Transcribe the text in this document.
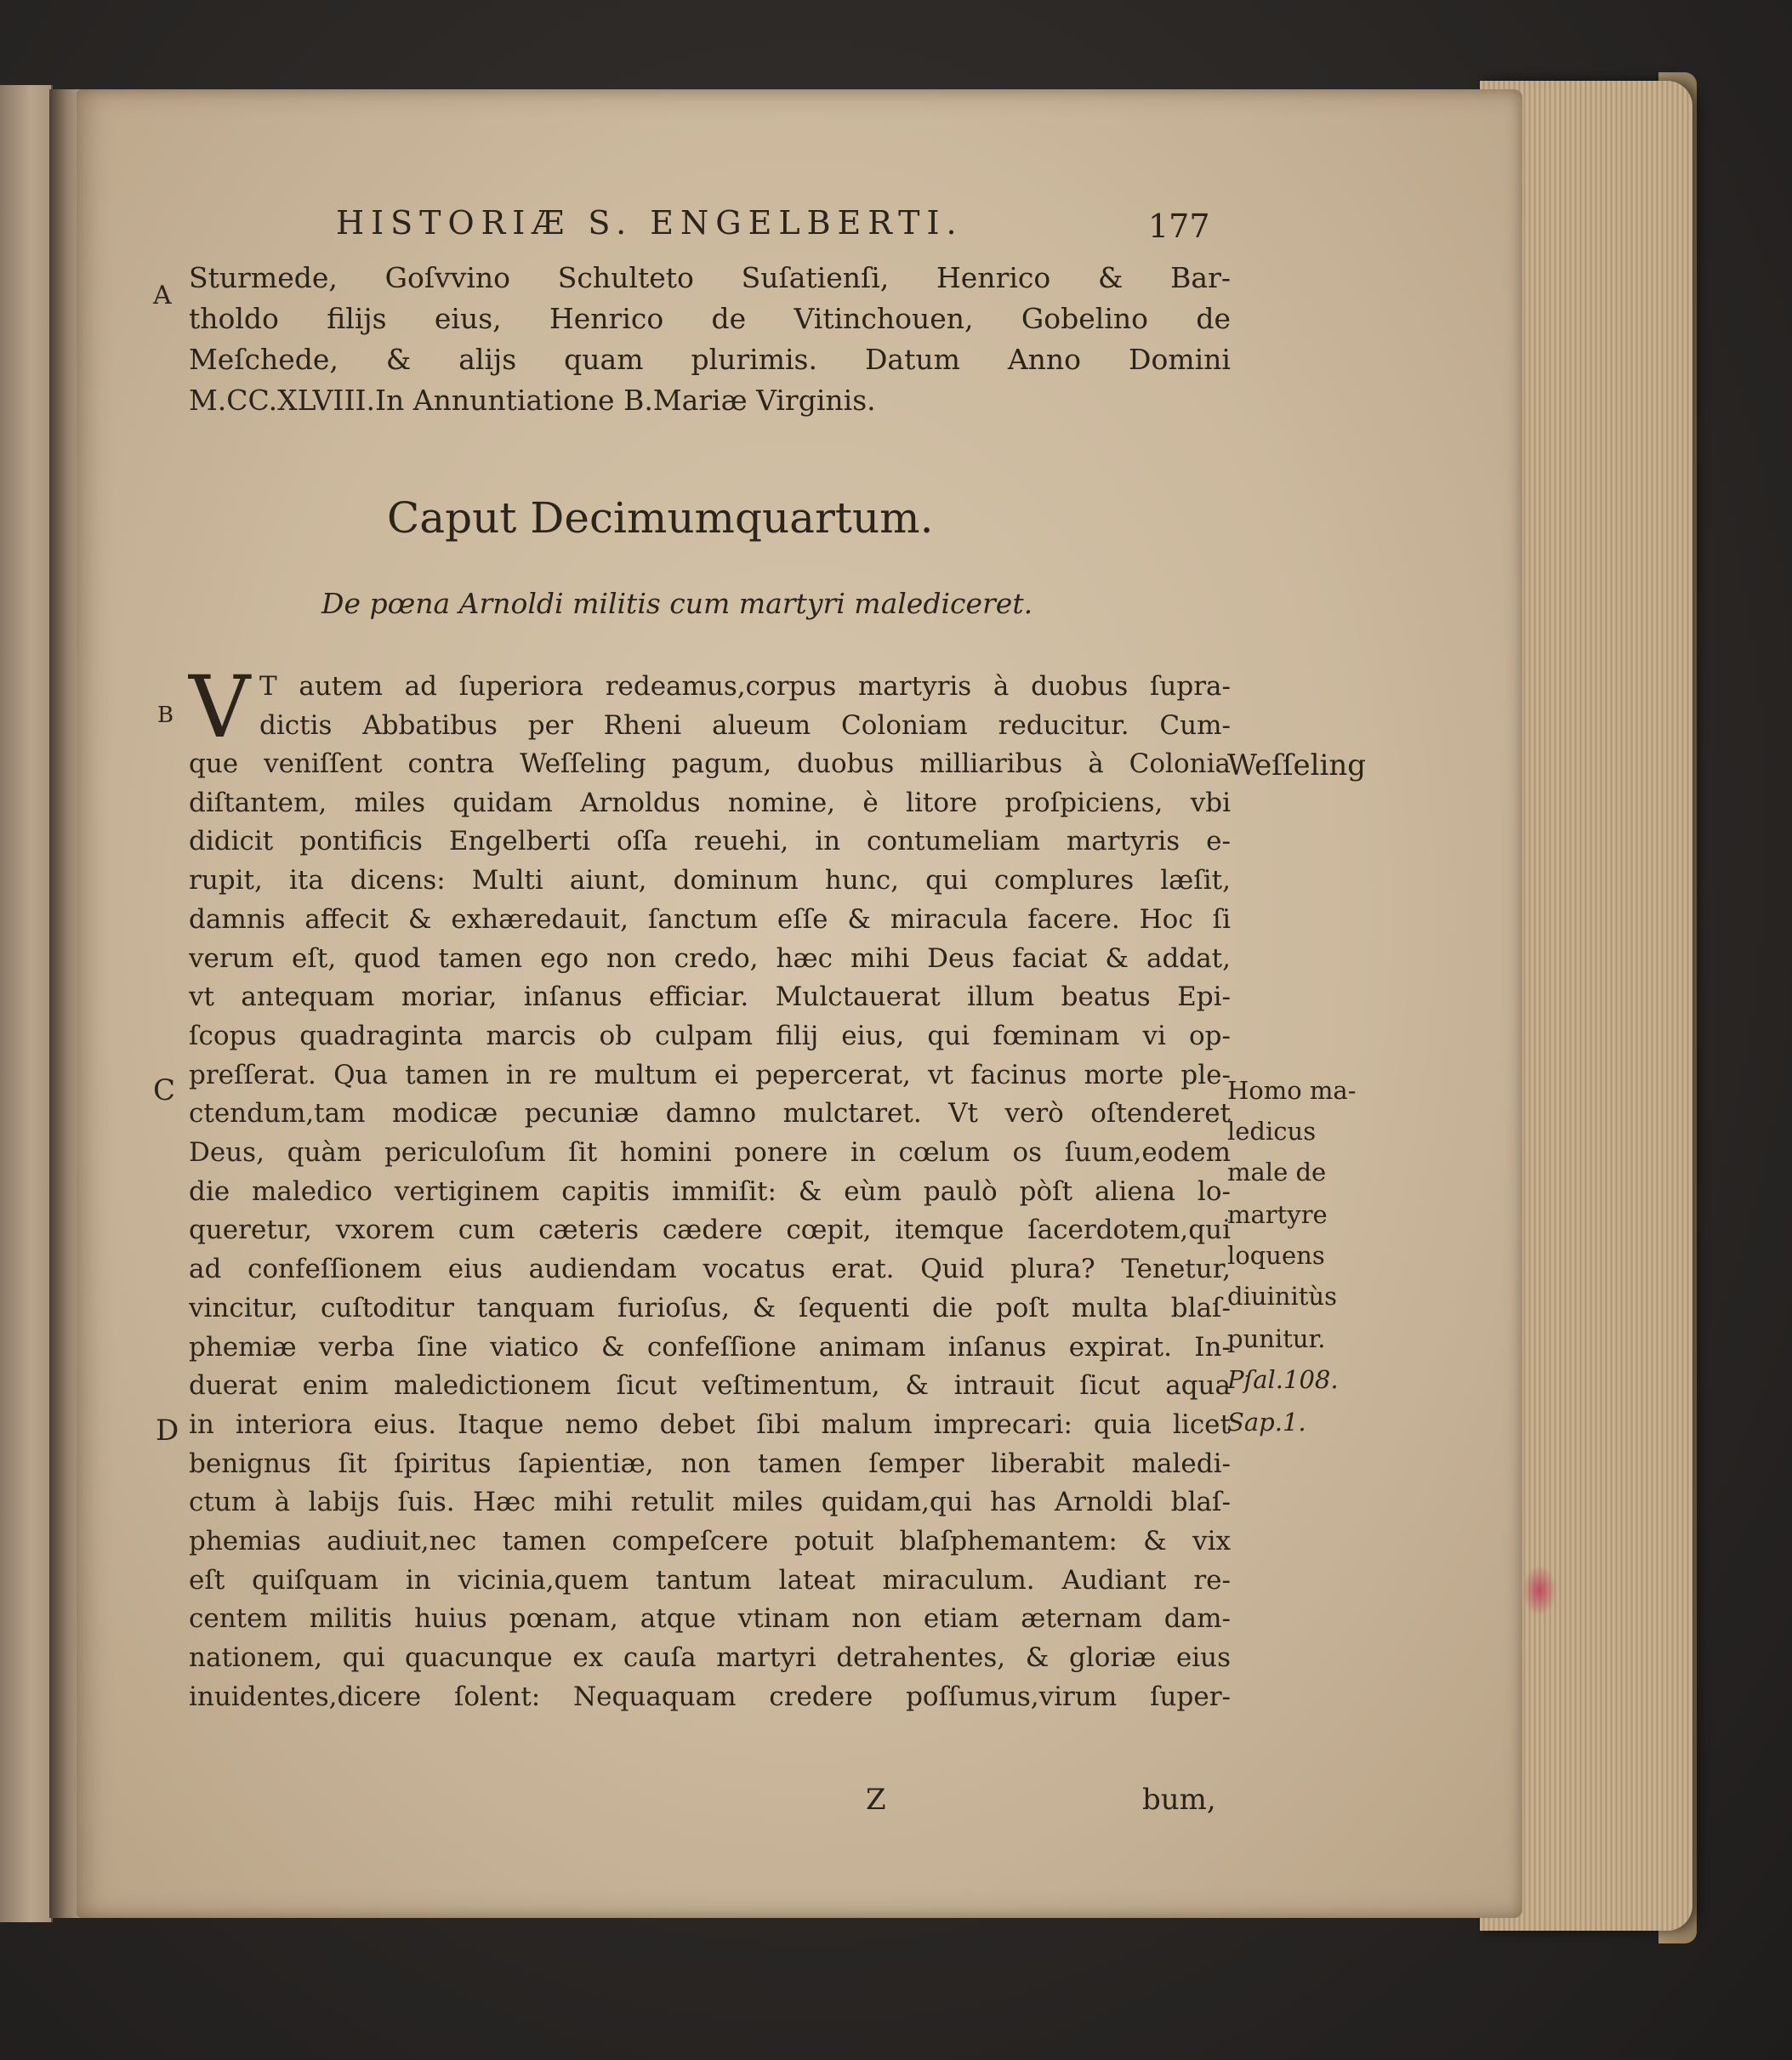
HISTORIÆ S. ENGELBERTI.	177
A
B
C
D
Sturmede, Goſvvino Schulteto Suſatienſi, Henrico & Bar-
tholdo filijs eius, Henrico de Vitinchouen, Gobelino de
Meſchede, & alijs quam plurimis. Datum Anno Domini
M.CC.XLVIII.In Annuntiatione B.Mariæ Virginis.
Caput Decimumquartum.
De pœna Arnoldi militis cum martyri malediceret.
V T autem ad ſuperiora redeamus,corpus martyris à duobus ſupra-
dictis Abbatibus per Rheni alueum Coloniam reducitur. Cum-
que veniſſent contra Weſſeling pagum, duobus milliaribus à Colonia
diſtantem, miles quidam Arnoldus nomine, è litore proſpiciens, vbi
didicit pontificis Engelberti oſſa reuehi, in contumeliam martyris e-
rupit, ita dicens: Multi aiunt, dominum hunc, qui complures læſit,
damnis affecit & exhæredauit, ſanctum eſſe & miracula facere. Hoc ſi
verum eſt, quod tamen ego non credo, hæc mihi Deus faciat & addat,
vt antequam moriar, inſanus efficiar. Mulctauerat illum beatus Epi-
ſcopus quadraginta marcis ob culpam filij eius, qui fœminam vi op-
preſſerat. Qua tamen in re multum ei pepercerat, vt facinus morte ple-
ctendum,tam modicæ pecuniæ damno mulctaret. Vt verò oſtenderet
Deus, quàm periculoſum ſit homini ponere in cœlum os ſuum,eodem
die maledico vertiginem capitis immiſit: & eùm paulò pòſt aliena lo-
queretur, vxorem cum cæteris cædere cœpit, itemque ſacerdotem,qui
ad confeſſionem eius audiendam vocatus erat. Quid plura? Tenetur,
vincitur, cuſtoditur tanquam furioſus, & ſequenti die poſt multa blaſ-
phemiæ verba ſine viatico & confeſſione animam inſanus expirat. In-
duerat enim maledictionem ſicut veſtimentum, & intrauit ſicut aqua
in interiora eius. Itaque nemo debet ſibi malum imprecari: quia licet
benignus ſit ſpiritus ſapientiæ, non tamen ſemper liberabit maledi-
ctum à labijs ſuis. Hæc mihi retulit miles quidam,qui has Arnoldi blaſ-
phemias audiuit,nec tamen compeſcere potuit blaſphemantem: & vix
eſt quiſquam in vicinia,quem tantum lateat miraculum. Audiant re-
centem militis huius pœnam, atque vtinam non etiam æternam dam-
nationem, qui quacunque ex cauſa martyri detrahentes, & gloriæ eius
inuidentes,dicere ſolent: Nequaquam credere poſſumus,virum ſuper-
Weſſeling
Homo ma-
ledicus
male de
martyre
loquens
diuinitùs
punitur.
Pſal.108.
Sap.1.
Z	bum,
